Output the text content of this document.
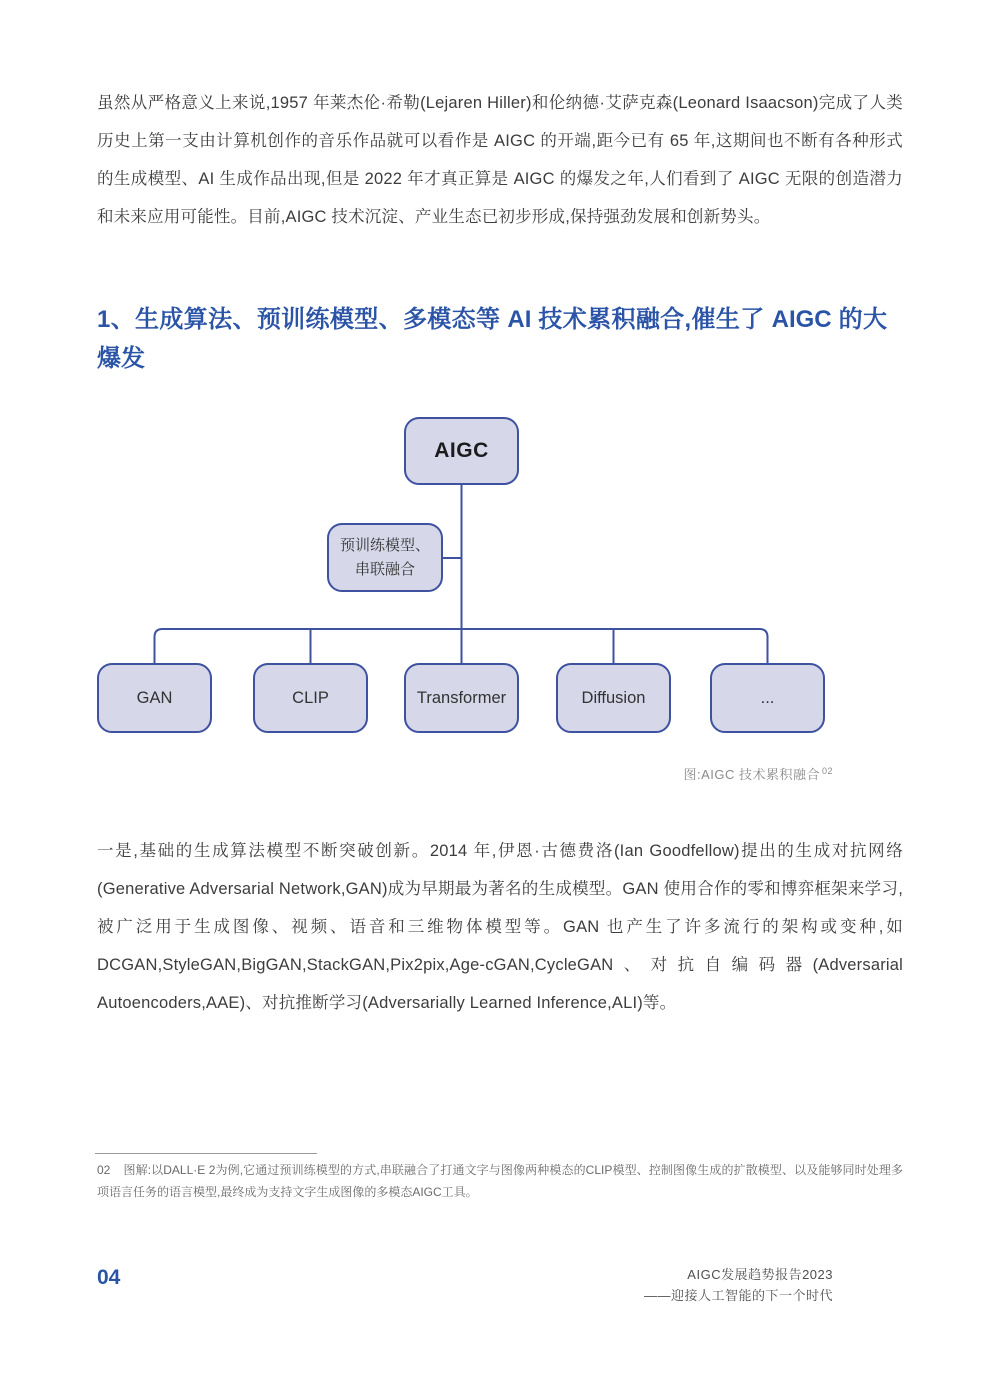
虽然从严格意义上来说,1957 年莱杰伦·希勒(Lejaren Hiller)和伦纳德·艾萨克森(Leonard Isaacson)完成了人类历史上第一支由计算机创作的音乐作品就可以看作是 AIGC 的开端,距今已有 65 年,这期间也不断有各种形式的生成模型、AI 生成作品出现,但是 2022 年才真正算是 AIGC 的爆发之年,人们看到了 AIGC 无限的创造潜力和未来应用可能性。目前,AIGC 技术沉淀、产业生态已初步形成,保持强劲发展和创新势头。

1、生成算法、预训练模型、多模态等 AI 技术累积融合,催生了 AIGC 的大爆发
AIGC
预训练模型、
串联融合
GAN	CLIP	Transformer	Diffusion	...
图:AIGC 技术累积融合 $^{02}$

一是,基础的生成算法模型不断突破创新。2014 年,伊恩·古德费洛(Ian Goodfellow)提出的生成对抗网络(Generative Adversarial Network,GAN)成为早期最为著名的生成模型。GAN 使用合作的零和博弈框架来学习,被广泛用于生成图像、视频、语音和三维物体模型等。GAN 也产生了许多流行的架构或变种,如 DCGAN,StyleGAN,BigGAN,StackGAN,Pix2pix,Age-cGAN,CycleGAN、对抗自编码器(Adversarial Autoencoders,AAE)、对抗推断学习(Adversarially Learned Inference,ALI)等。

02 图解:以DALL·E 2为例,它通过预训练模型的方式,串联融合了打通文字与图像两种模态的CLIP模型、控制图像生成的扩散模型、以及能够同时处理多项语言任务的语言模型,最终成为支持文字生成图像的多模态AIGC工具。
04	AIGC发展趋势报告2023
——迎接人工智能的下一个时代
